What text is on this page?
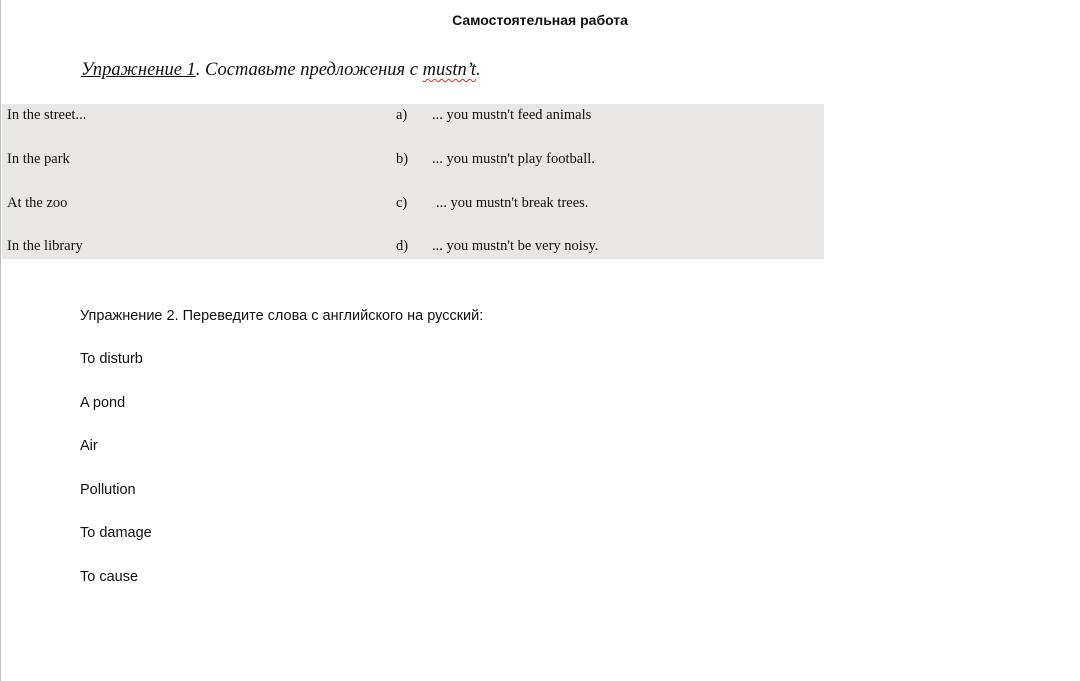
Самостоятельная работа
Упражнение 1. Составьте предложения с mustn’t.
In the street...	a) ... you mustn't feed animals
In the park	b) ... you mustn't play football.
At the zoo	c) ... you mustn't break trees.
In the library	d) ... you mustn't be very noisy.
Упражнение 2. Переведите слова с английского на русский:
To disturb
A pond
Air
Pollution
To damage
To cause
